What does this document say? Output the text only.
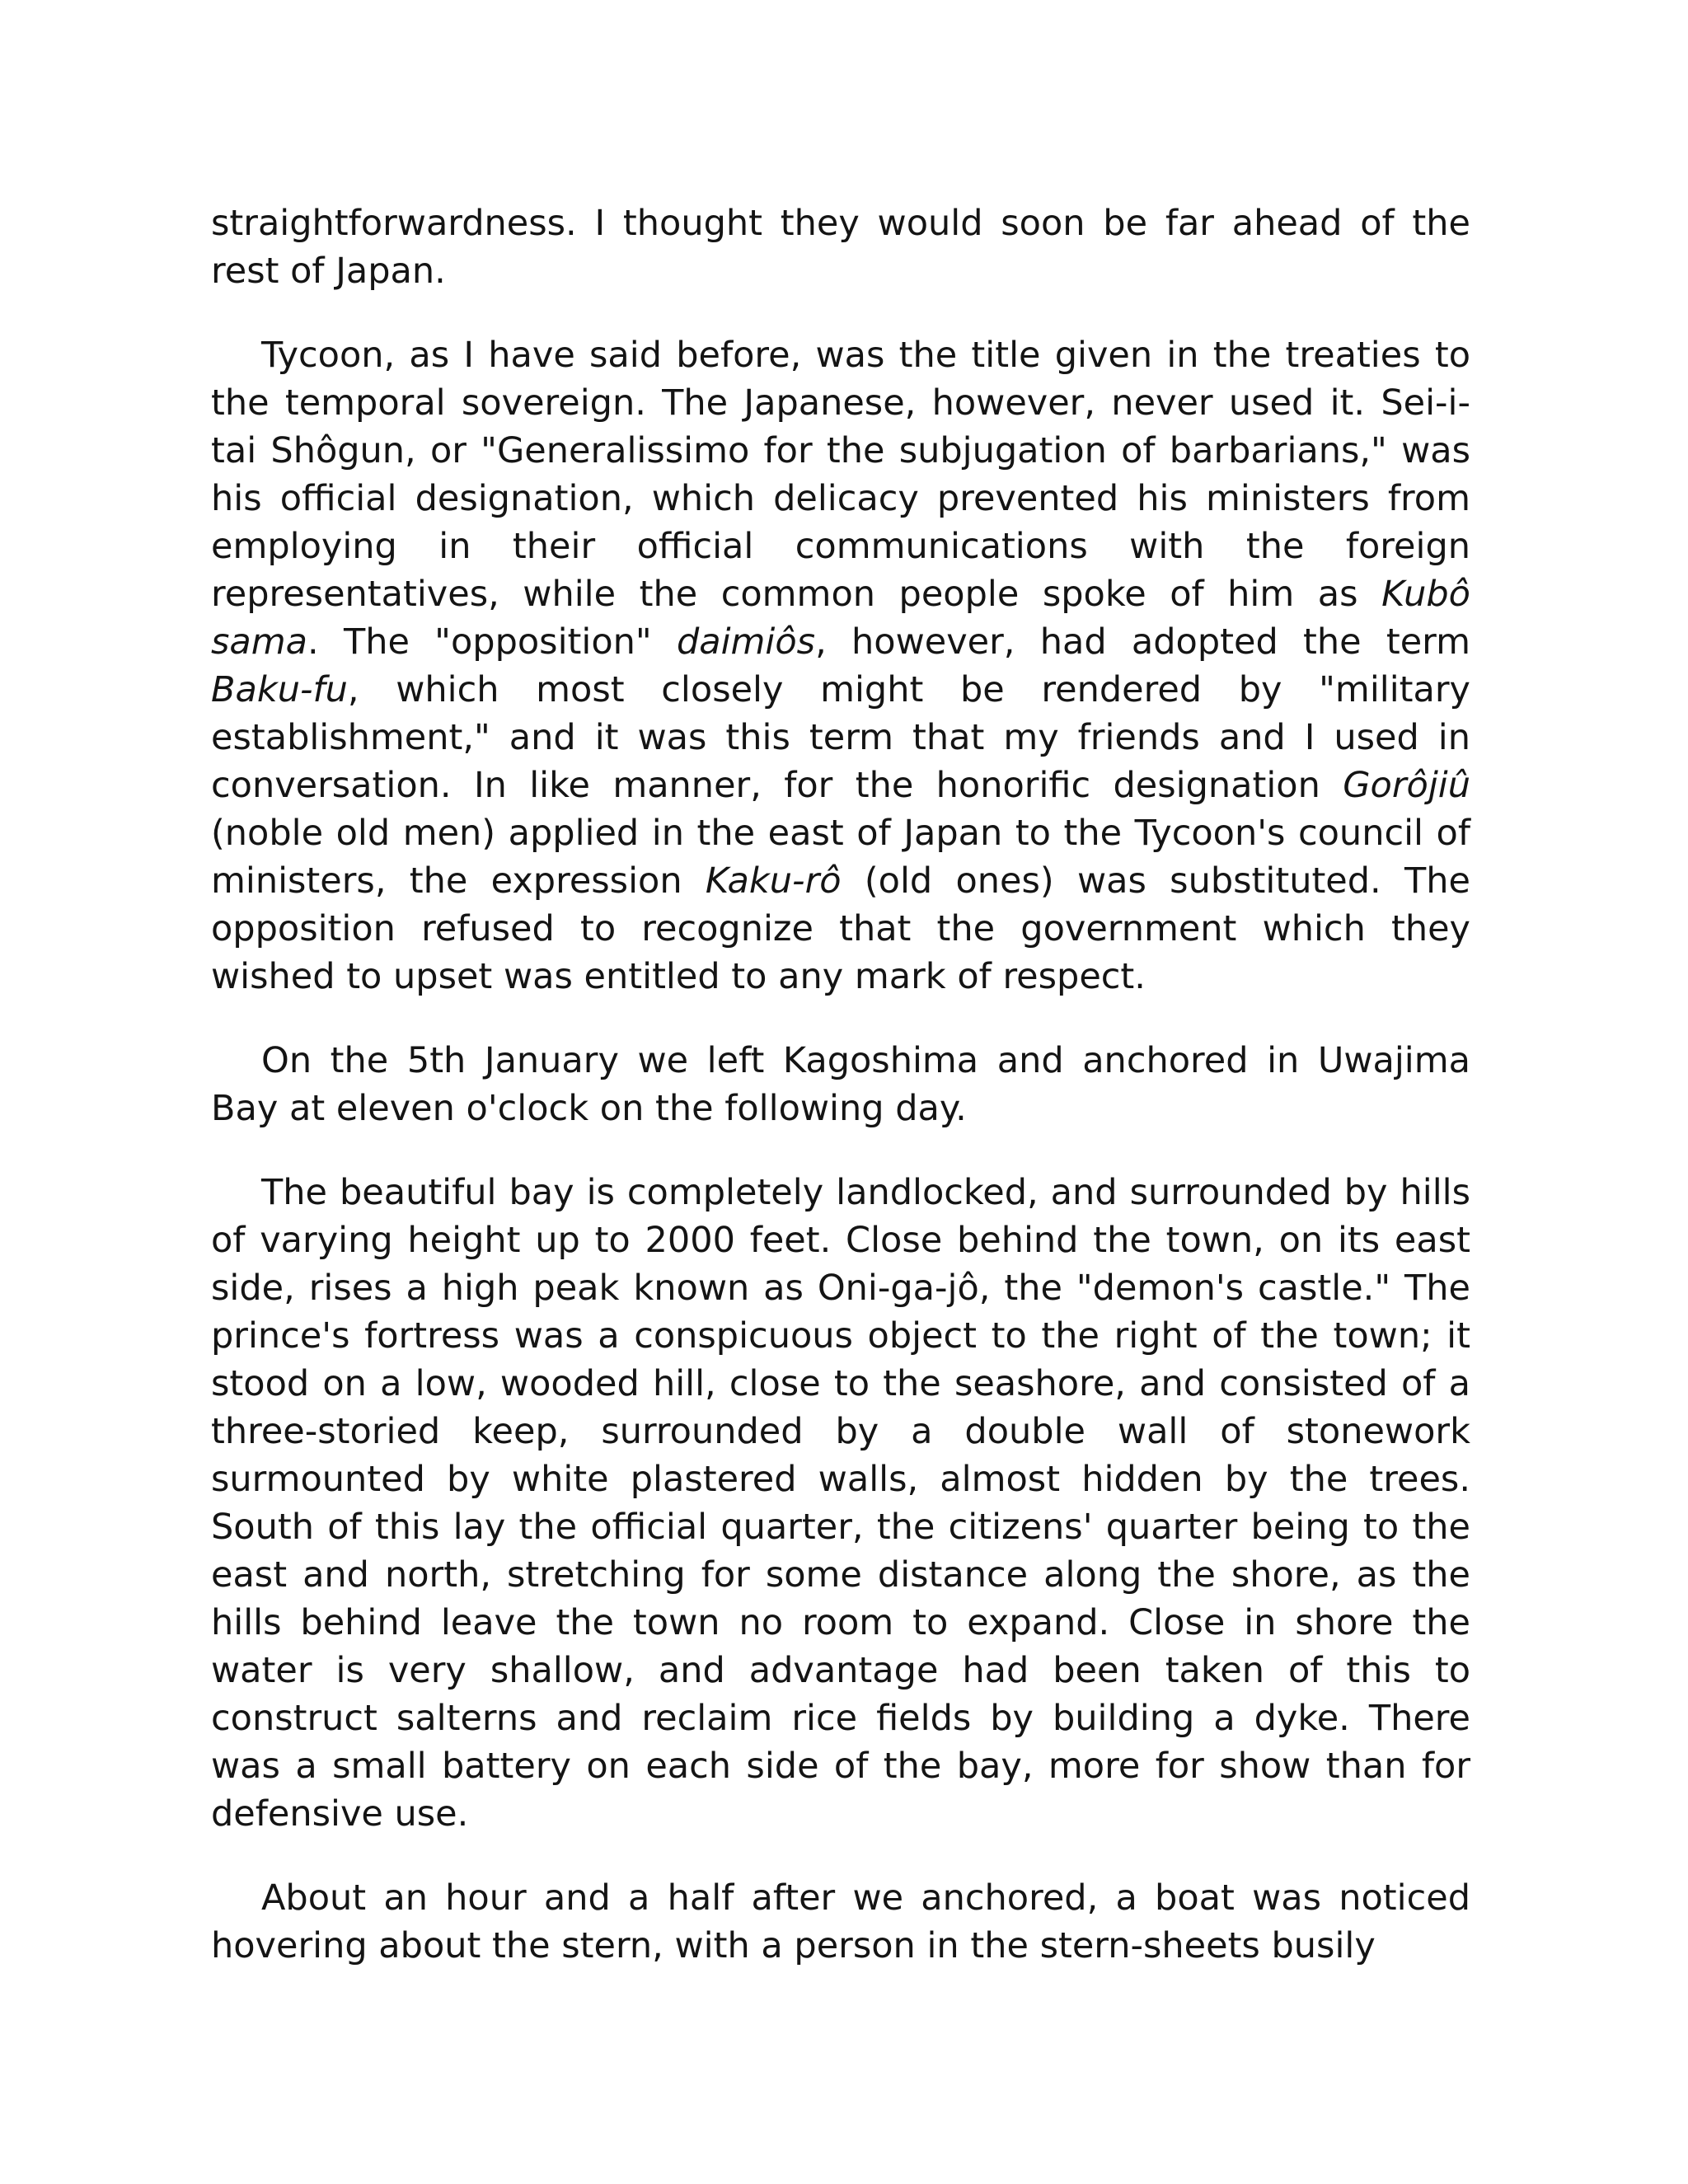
straightforwardness. I thought they would soon be far ahead of the rest of Japan.

Tycoon, as I have said before, was the title given in the treaties to the temporal sovereign. The Japanese, however, never used it. Sei-i-tai Shôgun, or "Generalissimo for the subjugation of barbarians," was his official designation, which delicacy prevented his ministers from employing in their official communications with the foreign representatives, while the common people spoke of him as Kubô sama. The "opposition" daimiôs, however, had adopted the term Baku-fu, which most closely might be rendered by "military establishment," and it was this term that my friends and I used in conversation. In like manner, for the honorific designation Gorôjiû (noble old men) applied in the east of Japan to the Tycoon's council of ministers, the expression Kaku-rô (old ones) was substituted. The opposition refused to recognize that the government which they wished to upset was entitled to any mark of respect.

On the 5th January we left Kagoshima and anchored in Uwajima Bay at eleven o'clock on the following day.

The beautiful bay is completely landlocked, and surrounded by hills of varying height up to 2000 feet. Close behind the town, on its east side, rises a high peak known as Oni-ga-jô, the "demon's castle." The prince's fortress was a conspicuous object to the right of the town; it stood on a low, wooded hill, close to the seashore, and consisted of a three-storied keep, surrounded by a double wall of stonework surmounted by white plastered walls, almost hidden by the trees. South of this lay the official quarter, the citizens' quarter being to the east and north, stretching for some distance along the shore, as the hills behind leave the town no room to expand. Close in shore the water is very shallow, and advantage had been taken of this to construct salterns and reclaim rice fields by building a dyke. There was a small battery on each side of the bay, more for show than for defensive use.

About an hour and a half after we anchored, a boat was noticed hovering about the stern, with a person in the stern-sheets busily
